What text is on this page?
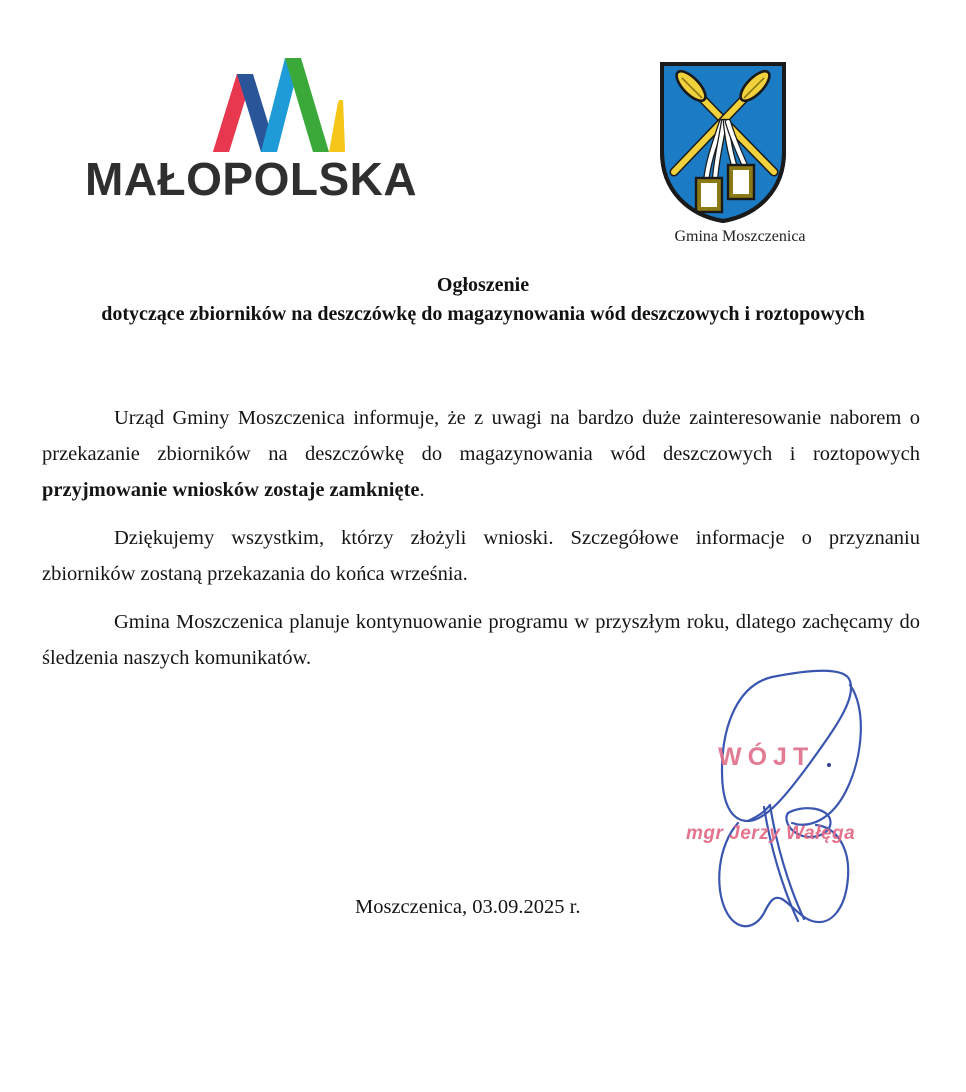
MAŁOPOLSKA
Gmina Moszczenica
Ogłoszenie
dotyczące zbiorników na deszczówkę do magazynowania wód deszczowych i roztopowych

Urząd Gminy Moszczenica informuje, że z uwagi na bardzo duże zainteresowanie naborem o przekazanie zbiorników na deszczówkę do magazynowania wód deszczowych i roztopowych przyjmowanie wniosków zostaje zamknięte.

Dziękujemy wszystkim, którzy złożyli wnioski. Szczegółowe informacje o przyznaniu zbiorników zostaną przekazania do końca września.

Gmina Moszczenica planuje kontynuowanie programu w przyszłym roku, dlatego zachęcamy do śledzenia naszych komunikatów.

WÓJT
mgr Jerzy Wałęga
Moszczenica, 03.09.2025 r.
